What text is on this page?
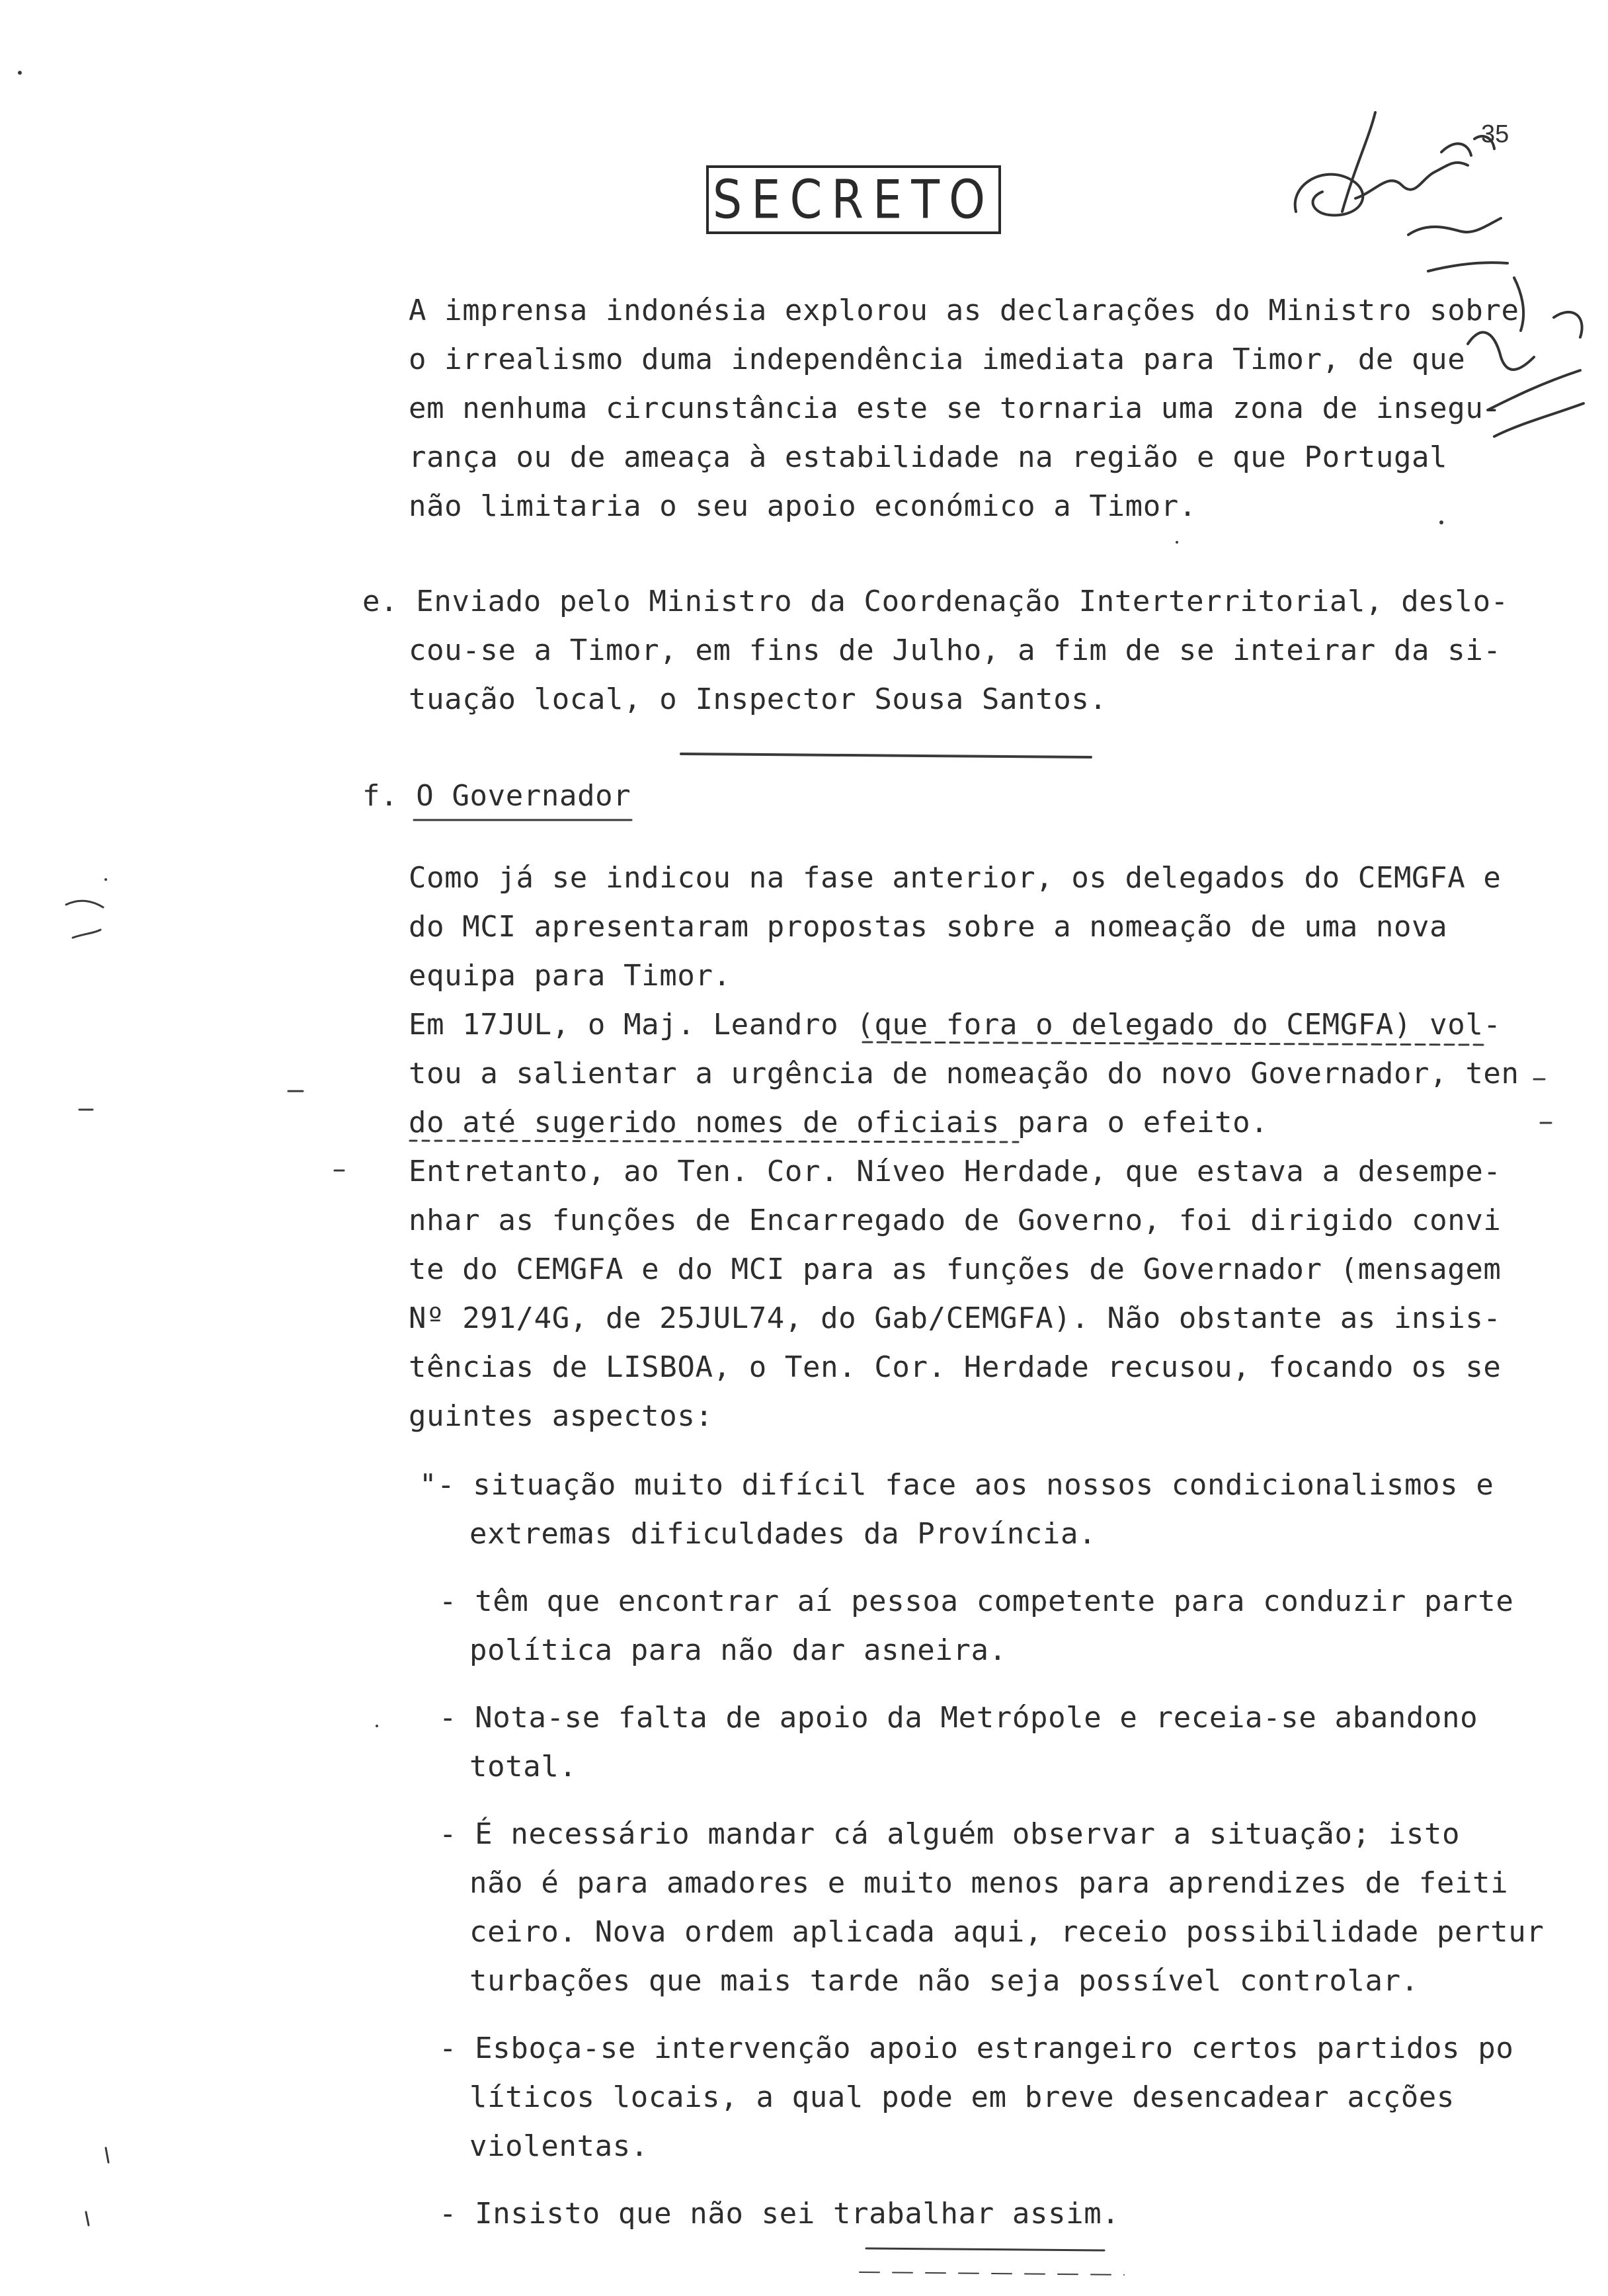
SECRETO
35
A imprensa indonésia explorou as declarações do Ministro sobre
o irrealismo duma independência imediata para Timor, de que
em nenhuma circunstância este se tornaria uma zona de insegu-
rança ou de ameaça à estabilidade na região e que Portugal
não limitaria o seu apoio económico a Timor.
e. Enviado pelo Ministro da Coordenação Interterritorial, deslo-
cou-se a Timor, em fins de Julho, a fim de se inteirar da si-
tuação local, o Inspector Sousa Santos.
f. O Governador
Como já se indicou na fase anterior, os delegados do CEMGFA e
do MCI apresentaram propostas sobre a nomeação de uma nova
equipa para Timor.
Em 17JUL, o Maj. Leandro (que fora o delegado do CEMGFA) vol-
tou a salientar a urgência de nomeação do novo Governador, ten
do até sugerido nomes de oficiais para o efeito.
Entretanto, ao Ten. Cor. Níveo Herdade, que estava a desempe-
nhar as funções de Encarregado de Governo, foi dirigido convi
te do CEMGFA e do MCI para as funções de Governador (mensagem
Nº 291/4G, de 25JUL74, do Gab/CEMGFA). Não obstante as insis-
tências de LISBOA, o Ten. Cor. Herdade recusou, focando os se
guintes aspectos:
"- situação muito difícil face aos nossos condicionalismos e
extremas dificuldades da Província.
- têm que encontrar aí pessoa competente para conduzir parte
política para não dar asneira.
- Nota-se falta de apoio da Metrópole e receia-se abandono
total.
- É necessário mandar cá alguém observar a situação; isto
não é para amadores e muito menos para aprendizes de feiti
ceiro. Nova ordem aplicada aqui, receio possibilidade pertur
turbações que mais tarde não seja possível controlar.
- Esboça-se intervenção apoio estrangeiro certos partidos po
líticos locais, a qual pode em breve desencadear acções
violentas.
- Insisto que não sei trabalhar assim.
